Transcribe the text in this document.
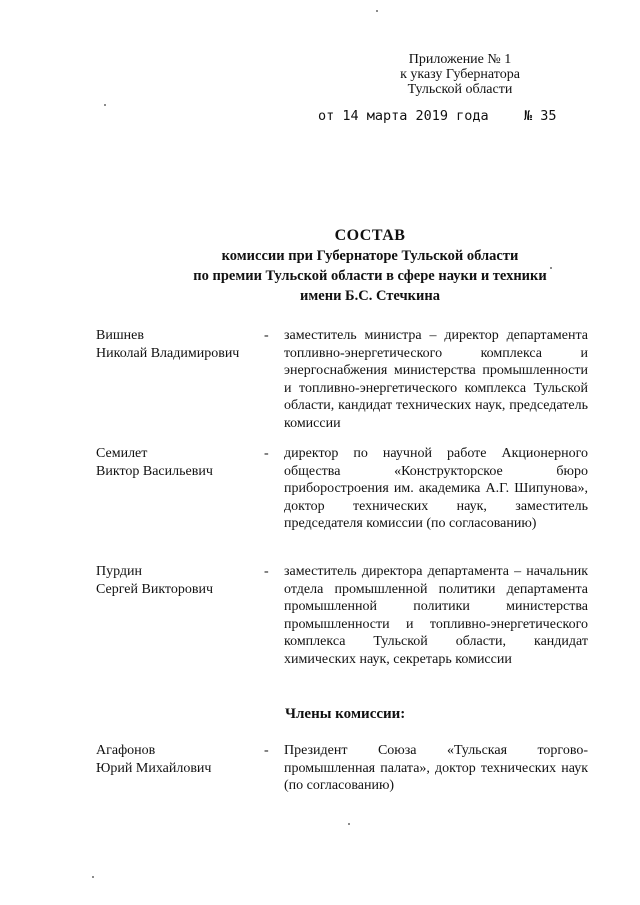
Приложение № 1
к указу Губернатора
Тульской области
от 14 марта 2019 года	№ 35
СОСТАВ
комиссии при Губернаторе Тульской области
по премии Тульской области в сфере науки и техники
имени Б.С. Стечкина
Вишнев
Николай Владимирович
- заместитель министра – директор департамента топливно-энергетического комплекса и энергоснабжения министерства промышленности и топливно-энергетического комплекса Тульской области, кандидат технических наук, председатель комиссии
Семилет
Виктор Васильевич
- директор по научной работе Акционерного общества «Конструкторское бюро приборостроения им. академика А.Г. Шипунова», доктор технических наук, заместитель председателя комиссии (по согласованию)
Пурдин
Сергей Викторович
- заместитель директора департамента – начальник отдела промышленной политики департамента промышленной политики министерства промышленности и топливно-энергетического комплекса Тульской области, кандидат химических наук, секретарь комиссии
Члены комиссии:
Агафонов
Юрий Михайлович
- Президент Союза «Тульская торгово-промышленная палата», доктор технических наук (по согласованию)
